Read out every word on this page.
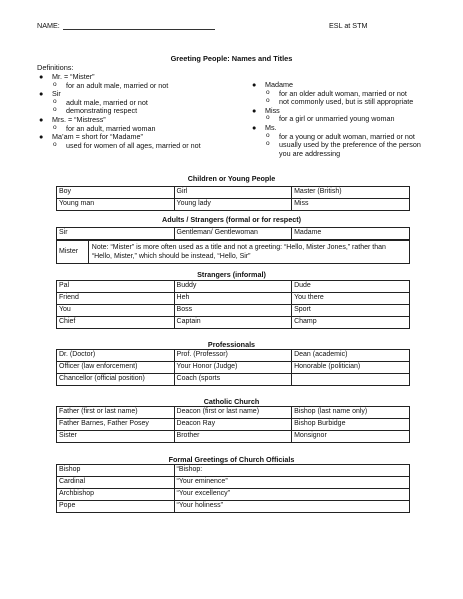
NAME:	ESL at STM
Greeting People: Names and Titles
Definitions:
● Mr. = “Mister”
o for an adult male, married or not
● Sir
o adult male, married or not
o demonstrating respect
● Mrs. = “Mistress”
o for an adult, married woman
● Ma’am = short for “Madame”
o used for women of all ages, married or not
● Madame
o for an older adult woman, married or not
o not commonly used, but is still appropriate
● Miss
o for a girl or unmarried young woman
● Ms.
o for a young or adult woman, married or not
o usually used by the preference of the person you are addressing
Children or Young People
Boy	Girl	Master (British)
Young man	Young lady	Miss
Adults / Strangers (formal or for respect)
Sir	Gentleman/ Gentlewoman	Madame
Mister	Note: “Mister” is more often used as a title and not a greeting: “Hello, Mister Jones,” rather than “Hello, Mister,” which should be instead, “Hello, Sir”
Strangers (informal)
Pal	Buddy	Dude
Friend	Heh	You there
You	Boss	Sport
Chief	Captain	Champ
Professionals
Dr. (Doctor)	Prof. (Professor)	Dean (academic)
Officer (law enforcement)	Your Honor (Judge)	Honorable (politician)
Chancellor (official position)	Coach (sports	
Catholic Church
Father (first or last name)	Deacon (first or last name)	Bishop (last name only)
Father Barnes, Father Posey	Deacon Ray	Bishop Burbidge
Sister	Brother	Monsignor
Formal Greetings of Church Officials
Bishop	“Bishop:
Cardinal	“Your eminence”
Archbishop	“Your excellency”
Pope	“Your holiness”
